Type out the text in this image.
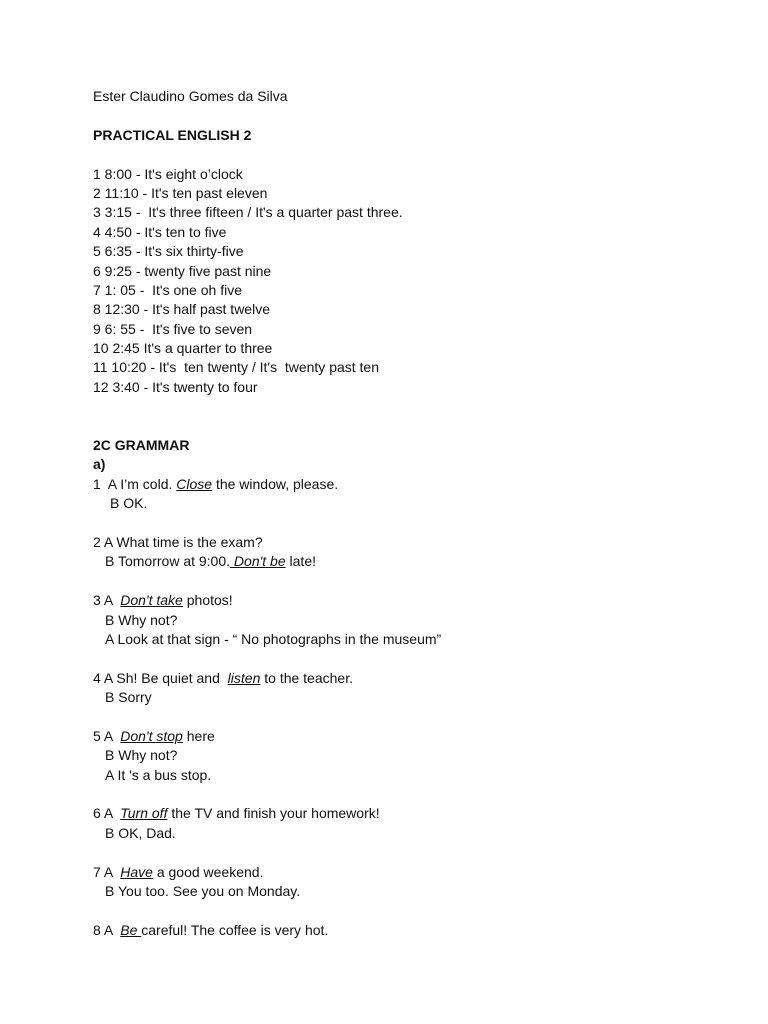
Ester Claudino Gomes da Silva
PRACTICAL ENGLISH 2
1 8:00 - It's eight o’clock
2 11:10 - It's ten past eleven
3 3:15 -  It's three fifteen / It's a quarter past three.
4 4:50 - It's ten to five
5 6:35 - It's six thirty-five
6 9:25 - twenty five past nine
7 1: 05 -  It's one oh five
8 12:30 - It's half past twelve
9 6: 55 -  It's five to seven
10 2:45 It's a quarter to three
11 10:20 - It's  ten twenty / It's  twenty past ten
12 3:40 - It's twenty to four
2C GRAMMAR
a)
1  A I’m cold. Close the window, please.
B OK.
2 A What time is the exam?
B Tomorrow at 9:00. Don't be late!
3 A  Don't take photos!
B Why not?
A Look at that sign - “ No photographs in the museum”
4 A Sh! Be quiet and  listen to the teacher.
B Sorry
5 A  Don't stop here
B Why not?
A It 's a bus stop.
6 A  Turn off the TV and finish your homework!
B OK, Dad.
7 A  Have a good weekend.
B You too. See you on Monday.
8 A  Be careful! The coffee is very hot.
